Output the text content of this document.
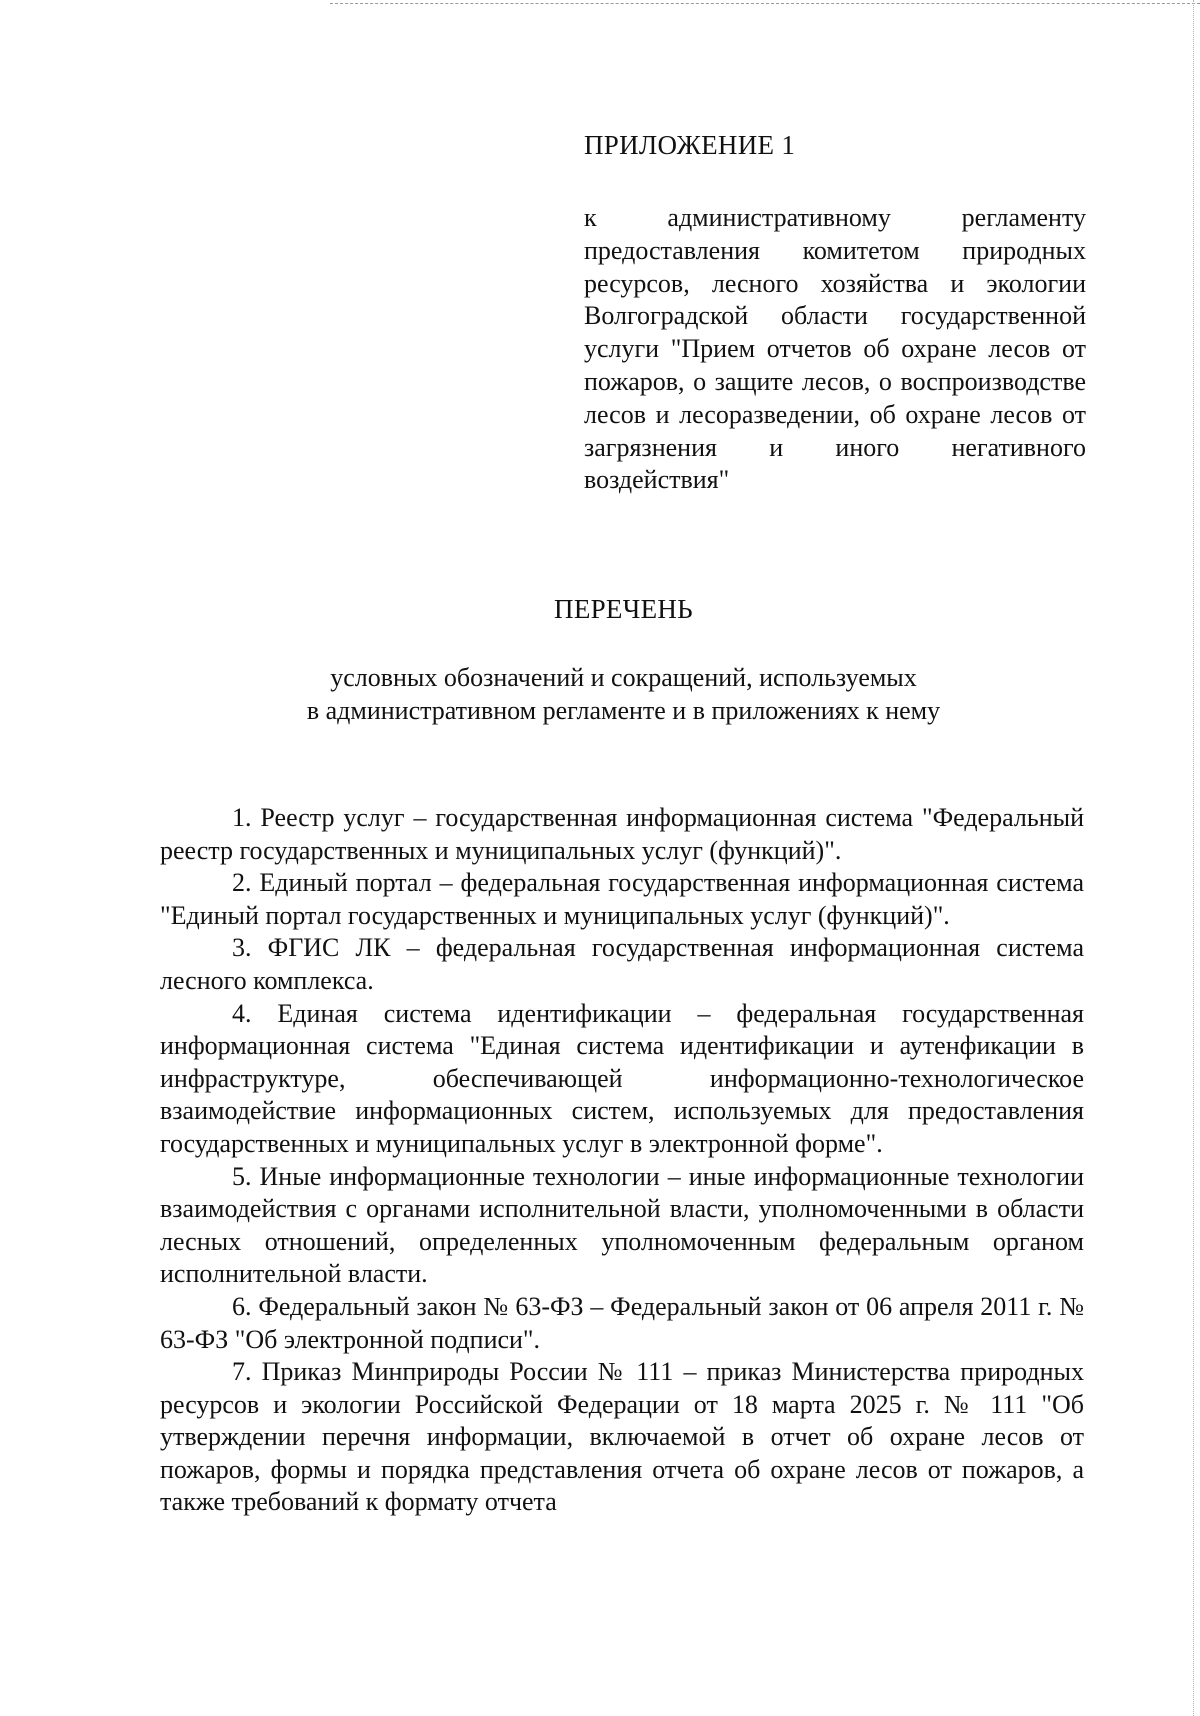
ПРИЛОЖЕНИЕ 1

к административному регламенту предоставления комитетом природных ресурсов, лесного хозяйства и экологии Волгоградской области государственной услуги "Прием отчетов об охране лесов от пожаров, о защите лесов, о воспроизводстве лесов и лесоразведении, об охране лесов от загрязнения и иного негативного воздействия"

ПЕРЕЧЕНЬ

условных обозначений и сокращений, используемых
в административном регламенте и в приложениях к нему

1. Реестр услуг – государственная информационная система "Федеральный реестр государственных и муниципальных услуг (функций)".
2. Единый портал – федеральная государственная информационная система "Единый портал государственных и муниципальных услуг (функций)".
3. ФГИС ЛК – федеральная государственная информационная система лесного комплекса.
4. Единая система идентификации – федеральная государственная информационная система "Единая система идентификации и аутенфикации в инфраструктуре, обеспечивающей информационно-технологическое взаимодействие информационных систем, используемых для предоставления государственных и муниципальных услуг в электронной форме".
5. Иные информационные технологии – иные информационные технологии взаимодействия с органами исполнительной власти, уполномоченными в области лесных отношений, определенных уполномоченным федеральным органом исполнительной власти.
6. Федеральный закон № 63-ФЗ – Федеральный закон от 06 апреля 2011 г. № 63-ФЗ "Об электронной подписи".
7. Приказ Минприроды России № 111 – приказ Министерства природных ресурсов и экологии Российской Федерации от 18 марта 2025 г. № 111 "Об утверждении перечня информации, включаемой в отчет об охране лесов от пожаров, формы и порядка представления отчета об охране лесов от пожаров, а также требований к формату отчета
